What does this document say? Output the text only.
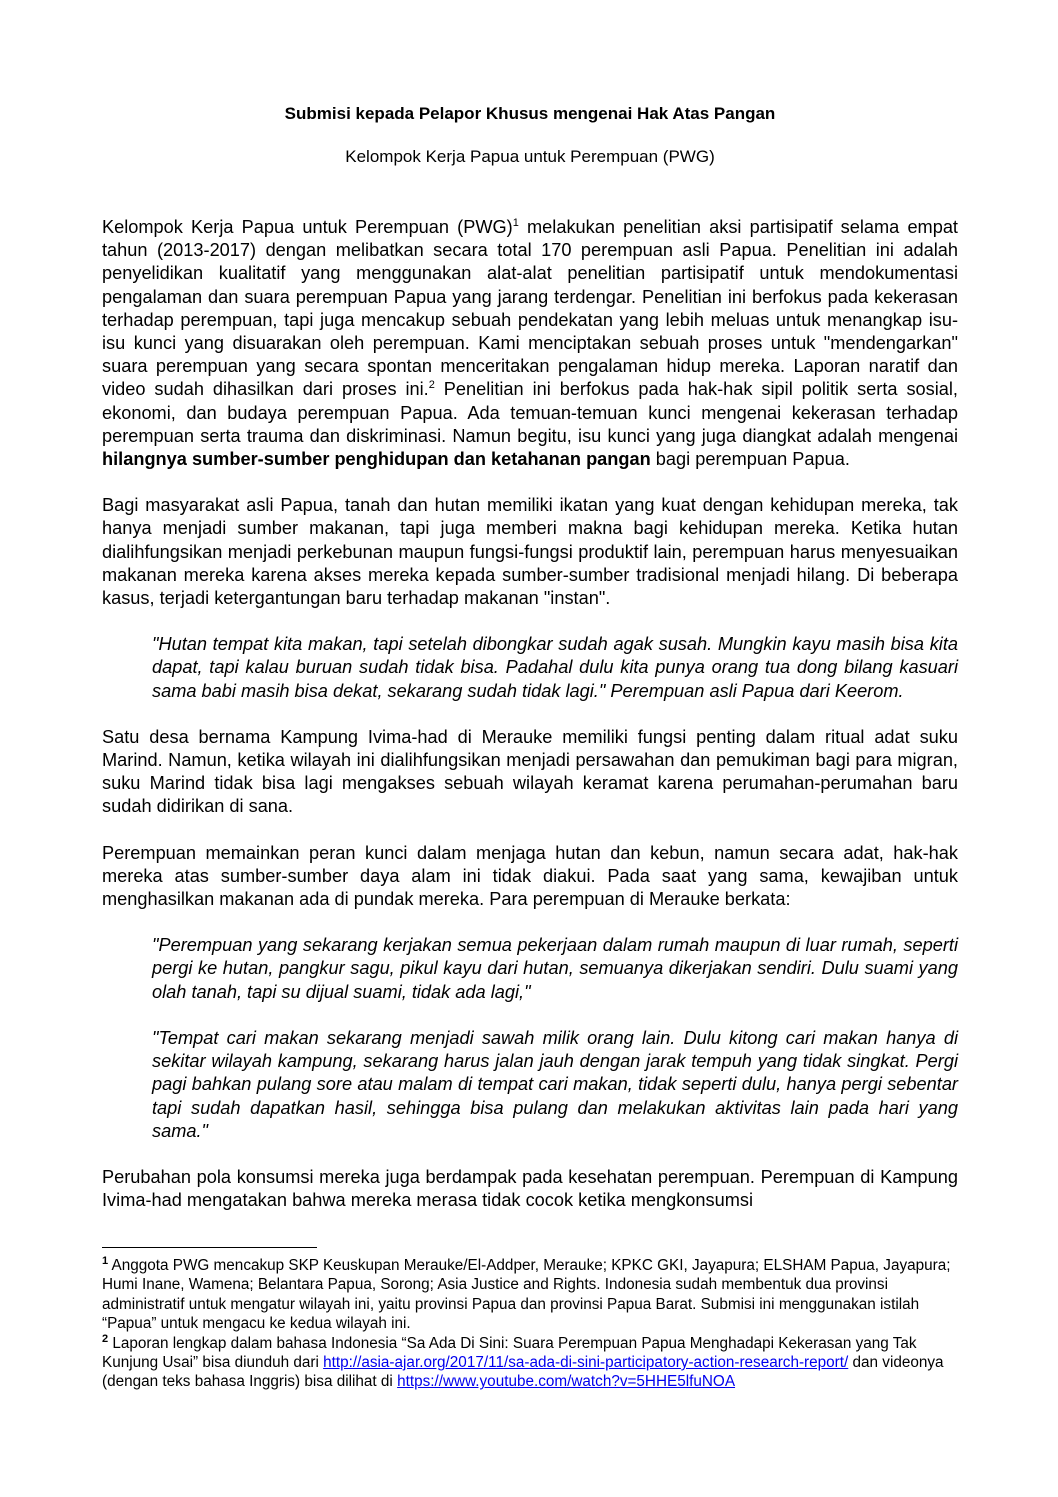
Submisi kepada Pelapor Khusus mengenai Hak Atas Pangan
Kelompok Kerja Papua untuk Perempuan (PWG)

Kelompok Kerja Papua untuk Perempuan (PWG)$^1$ melakukan penelitian aksi partisipatif selama empat tahun (2013-2017) dengan melibatkan secara total 170 perempuan asli Papua. Penelitian ini adalah penyelidikan kualitatif yang menggunakan alat-alat penelitian partisipatif untuk mendokumentasi pengalaman dan suara perempuan Papua yang jarang terdengar. Penelitian ini berfokus pada kekerasan terhadap perempuan, tapi juga mencakup sebuah pendekatan yang lebih meluas untuk menangkap isu-isu kunci yang disuarakan oleh perempuan. Kami menciptakan sebuah proses untuk "mendengarkan" suara perempuan yang secara spontan menceritakan pengalaman hidup mereka. Laporan naratif dan video sudah dihasilkan dari proses ini.$^2$ Penelitian ini berfokus pada hak-hak sipil politik serta sosial, ekonomi, dan budaya perempuan Papua. Ada temuan-temuan kunci mengenai kekerasan terhadap perempuan serta trauma dan diskriminasi. Namun begitu, isu kunci yang juga diangkat adalah mengenai hilangnya sumber-sumber penghidupan dan ketahanan pangan bagi perempuan Papua.

Bagi masyarakat asli Papua, tanah dan hutan memiliki ikatan yang kuat dengan kehidupan mereka, tak hanya menjadi sumber makanan, tapi juga memberi makna bagi kehidupan mereka. Ketika hutan dialihfungsikan menjadi perkebunan maupun fungsi-fungsi produktif lain, perempuan harus menyesuaikan makanan mereka karena akses mereka kepada sumber-sumber tradisional menjadi hilang. Di beberapa kasus, terjadi ketergantungan baru terhadap makanan "instan".

"Hutan tempat kita makan, tapi setelah dibongkar sudah agak susah. Mungkin kayu masih bisa kita dapat, tapi kalau buruan sudah tidak bisa. Padahal dulu kita punya orang tua dong bilang kasuari sama babi masih bisa dekat, sekarang sudah tidak lagi." Perempuan asli Papua dari Keerom.

Satu desa bernama Kampung Ivima-had di Merauke memiliki fungsi penting dalam ritual adat suku Marind. Namun, ketika wilayah ini dialihfungsikan menjadi persawahan dan pemukiman bagi para migran, suku Marind tidak bisa lagi mengakses sebuah wilayah keramat karena perumahan-perumahan baru sudah didirikan di sana.

Perempuan memainkan peran kunci dalam menjaga hutan dan kebun, namun secara adat, hak-hak mereka atas sumber-sumber daya alam ini tidak diakui. Pada saat yang sama, kewajiban untuk menghasilkan makanan ada di pundak mereka. Para perempuan di Merauke berkata:

"Perempuan yang sekarang kerjakan semua pekerjaan dalam rumah maupun di luar rumah, seperti pergi ke hutan, pangkur sagu, pikul kayu dari hutan, semuanya dikerjakan sendiri. Dulu suami yang olah tanah, tapi su dijual suami, tidak ada lagi,"

"Tempat cari makan sekarang menjadi sawah milik orang lain. Dulu kitong cari makan hanya di sekitar wilayah kampung, sekarang harus jalan jauh dengan jarak tempuh yang tidak singkat. Pergi pagi bahkan pulang sore atau malam di tempat cari makan, tidak seperti dulu, hanya pergi sebentar tapi sudah dapatkan hasil, sehingga bisa pulang dan melakukan aktivitas lain pada hari yang sama."

Perubahan pola konsumsi mereka juga berdampak pada kesehatan perempuan. Perempuan di Kampung Ivima-had mengatakan bahwa mereka merasa tidak cocok ketika mengkonsumsi

$^1$ Anggota PWG mencakup SKP Keuskupan Merauke/El-Addper, Merauke; KPKC GKI, Jayapura; ELSHAM Papua, Jayapura; Humi Inane, Wamena; Belantara Papua, Sorong; Asia Justice and Rights. Indonesia sudah membentuk dua provinsi administratif untuk mengatur wilayah ini, yaitu provinsi Papua dan provinsi Papua Barat. Submisi ini menggunakan istilah “Papua” untuk mengacu ke kedua wilayah ini.

$^2$ Laporan lengkap dalam bahasa Indonesia “Sa Ada Di Sini: Suara Perempuan Papua Menghadapi Kekerasan yang Tak Kunjung Usai” bisa diunduh dari http://asia-ajar.org/2017/11/sa-ada-di-sini-participatory-action-research-report/ dan videonya (dengan teks bahasa Inggris) bisa dilihat di https://www.youtube.com/watch?v=5HHE5lfuNOA
